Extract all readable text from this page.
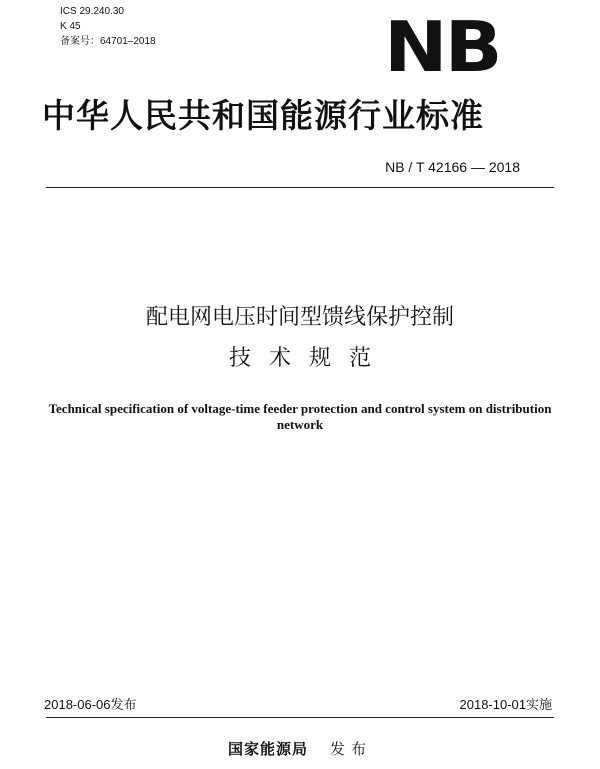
ICS 29.240.30
K 45
备案号：64701–2018	NB
中华人民共和国能源行业标准
NB / T 42166 — 2018
配电网电压时间型馈线保护控制
技术规范
Technical specification of voltage-time feeder protection and control system on distribution network
2018-06-06发布	2018-10-01实施
国家能源局 发布
